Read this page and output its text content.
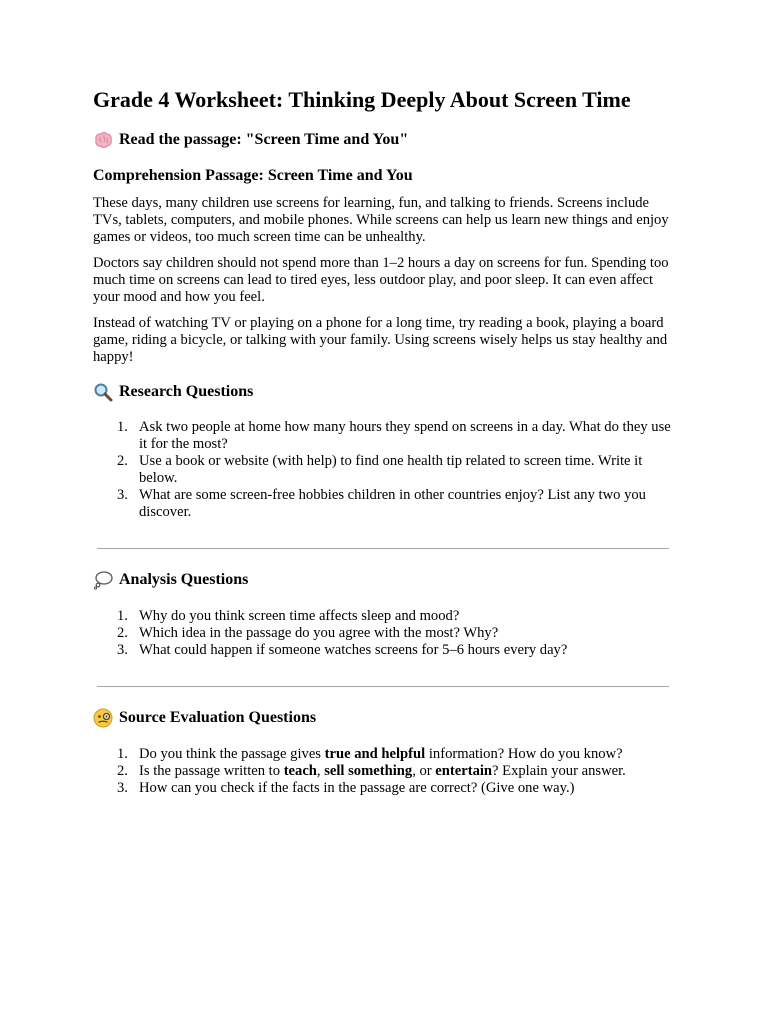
Grade 4 Worksheet: Thinking Deeply About Screen Time
Read the passage: "Screen Time and You"
Comprehension Passage: Screen Time and You

These days, many children use screens for learning, fun, and talking to friends. Screens include TVs, tablets, computers, and mobile phones. While screens can help us learn new things and enjoy games or videos, too much screen time can be unhealthy.

Doctors say children should not spend more than 1–2 hours a day on screens for fun. Spending too much time on screens can lead to tired eyes, less outdoor play, and poor sleep. It can even affect your mood and how you feel.

Instead of watching TV or playing on a phone for a long time, try reading a book, playing a board game, riding a bicycle, or talking with your family. Using screens wisely helps us stay healthy and happy!

Research Questions
1. Ask two people at home how many hours they spend on screens in a day. What do they use it for the most?
2. Use a book or website (with help) to find one health tip related to screen time. Write it below.
3. What are some screen-free hobbies children in other countries enjoy? List any two you discover.
Analysis Questions
1. Why do you think screen time affects sleep and mood?
2. Which idea in the passage do you agree with the most? Why?
3. What could happen if someone watches screens for 5–6 hours every day?
Source Evaluation Questions
1. Do you think the passage gives true and helpful information? How do you know?
2. Is the passage written to teach, sell something, or entertain? Explain your answer.
3. How can you check if the facts in the passage are correct? (Give one way.)
